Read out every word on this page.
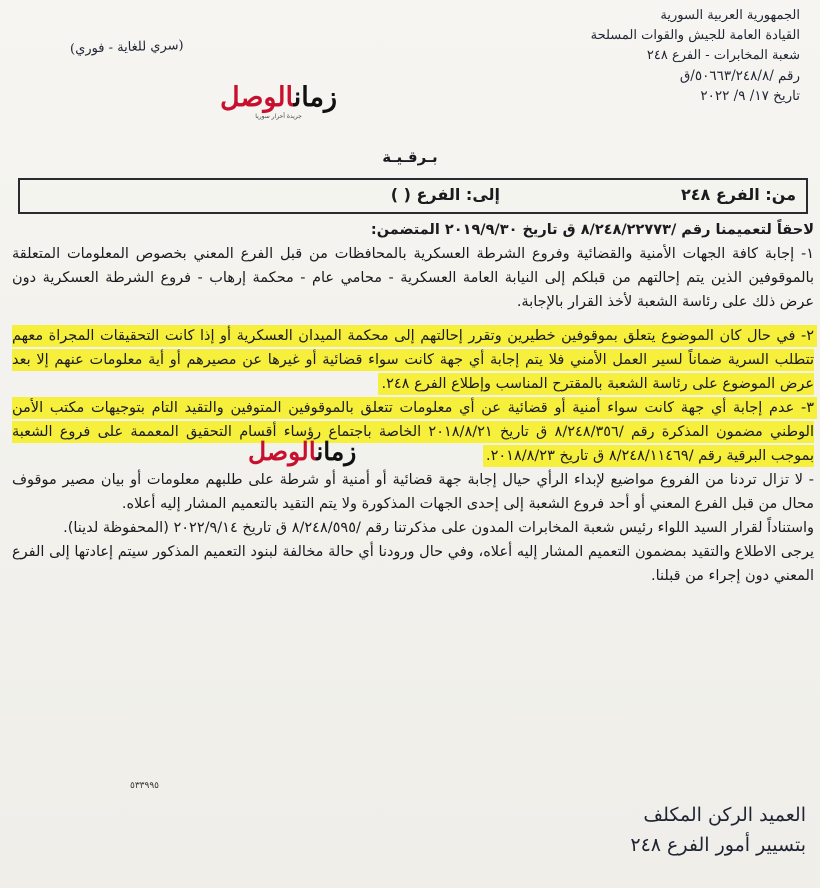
الجمهورية العربية السورية
القيادة العامة للجيش والقوات المسلحة
شعبة المخابرات - الفرع ٢٤٨
رقم /٥٠٦٦٣/٢٤٨/٨/ق
تاريخ ١٧/ ٩/ ٢٠٢٢
(سري للغاية - فوري)
زمانالوصل
جريدة أحرار سوريا
بـرقـيـة
من: الفرع ٢٤٨
إلى: الفرع ( )

لاحقاً لتعميمنا رقم /٨/٢٤٨/٢٢٧٧٣ ق تاريخ ٢٠١٩/٩/٣٠ المتضمن:

١- إجابة كافة الجهات الأمنية والقضائية وفروع الشرطة العسكرية بالمحافظات من قبل الفرع المعني بخصوص المعلومات المتعلقة بالموقوفين الذين يتم إحالتهم من قبلكم إلى النيابة العامة العسكرية - محامي عام - محكمة إرهاب - فروع الشرطة العسكرية دون عرض ذلك على رئاسة الشعبة لأخذ القرار بالإجابة.

٢- في حال كان الموضوع يتعلق بموقوفين خطيرين وتقرر إحالتهم إلى محكمة الميدان العسكرية أو إذا كانت التحقيقات المجراة معهم تتطلب السرية ضماناً لسير العمل الأمني فلا يتم إجابة أي جهة كانت سواء قضائية أو غيرها عن مصيرهم أو أية معلومات عنهم إلا بعد عرض الموضوع على رئاسة الشعبة بالمقترح المناسب وإطلاع الفرع ٢٤٨.

٣- عدم إجابة أي جهة كانت سواء أمنية أو قضائية عن أي معلومات تتعلق بالموقوفين المتوفين والتقيد التام بتوجيهات مكتب الأمن الوطني مضمون المذكرة رقم /٨/٢٤٨/٣٥٦ ق تاريخ ٢٠١٨/٨/٢١ الخاصة باجتماع رؤساء أقسام التحقيق المعممة على فروع الشعبة بموجب البرقية رقم /٨/٢٤٨/١١٤٦٩ ق تاريخ ٢٠١٨/٨/٢٣.

- لا تزال تردنا من الفروع مواضيع لإبداء الرأي حيال إجابة جهة قضائية أو أمنية أو شرطة على طلبهم معلومات أو بيان مصير موقوف محال من قبل الفرع المعني أو أحد فروع الشعبة إلى إحدى الجهات المذكورة ولا يتم التقيد بالتعميم المشار إليه أعلاه.

واستناداً لقرار السيد اللواء رئيس شعبة المخابرات المدون على مذكرتنا رقم /٨/٢٤٨/٥٩٥ ق تاريخ ٢٠٢٢/٩/١٤ (المحفوظة لدينا).

يرجى الاطلاع والتقيد بمضمون التعميم المشار إليه أعلاه، وفي حال ورودنا أي حالة مخالفة لبنود التعميم المذكور سيتم إعادتها إلى الفرع المعني دون إجراء من قبلنا.

زمانالوصل
٥٣٣٩٩٥
العميد الركن المكلف
بتسيير أمور الفرع ٢٤٨
